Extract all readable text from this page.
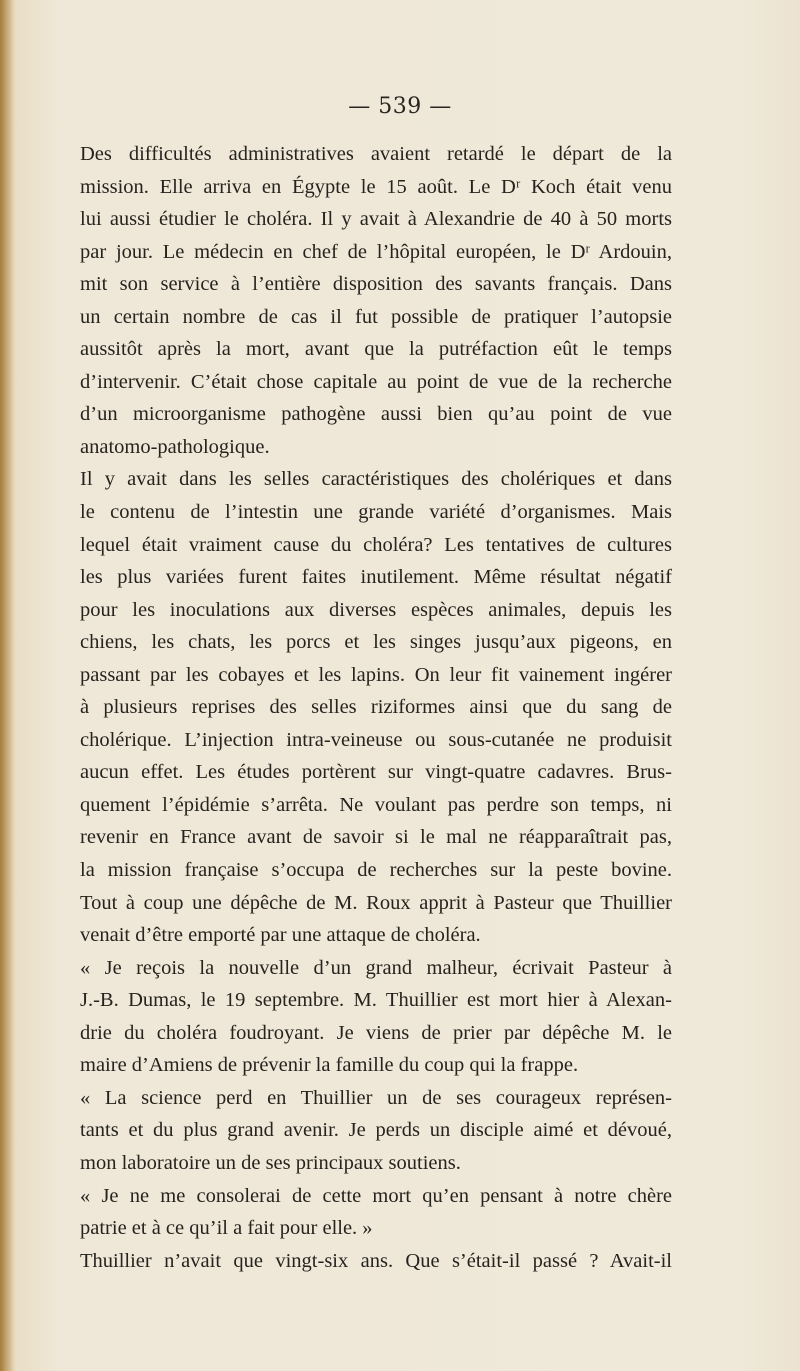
— 539 —
Des difficultés administratives avaient retardé le départ de la
mission. Elle arriva en Égypte le 15 août. Le Dʳ Koch était venu
lui aussi étudier le choléra. Il y avait à Alexandrie de 40 à 50 morts
par jour. Le médecin en chef de l’hôpital européen, le Dʳ Ardouin,
mit son service à l’entière disposition des savants français. Dans
un certain nombre de cas il fut possible de pratiquer l’autopsie
aussitôt après la mort, avant que la putréfaction eût le temps
d’intervenir. C’était chose capitale au point de vue de la recherche
d’un microorganisme pathogène aussi bien qu’au point de vue
anatomo-pathologique.
Il y avait dans les selles caractéristiques des cholériques et dans
le contenu de l’intestin une grande variété d’organismes. Mais
lequel était vraiment cause du choléra? Les tentatives de cultures
les plus variées furent faites inutilement. Même résultat négatif
pour les inoculations aux diverses espèces animales, depuis les
chiens, les chats, les porcs et les singes jusqu’aux pigeons, en
passant par les cobayes et les lapins. On leur fit vainement ingérer
à plusieurs reprises des selles riziformes ainsi que du sang de
cholérique. L’injection intra-veineuse ou sous-cutanée ne produisit
aucun effet. Les études portèrent sur vingt-quatre cadavres. Brus-
quement l’épidémie s’arrêta. Ne voulant pas perdre son temps, ni
revenir en France avant de savoir si le mal ne réapparaîtrait pas,
la mission française s’occupa de recherches sur la peste bovine.
Tout à coup une dépêche de M. Roux apprit à Pasteur que Thuillier
venait d’être emporté par une attaque de choléra.
« Je reçois la nouvelle d’un grand malheur, écrivait Pasteur à
J.-B. Dumas, le 19 septembre. M. Thuillier est mort hier à Alexan-
drie du choléra foudroyant. Je viens de prier par dépêche M. le
maire d’Amiens de prévenir la famille du coup qui la frappe.
« La science perd en Thuillier un de ses courageux représen-
tants et du plus grand avenir. Je perds un disciple aimé et dévoué,
mon laboratoire un de ses principaux soutiens.
« Je ne me consolerai de cette mort qu’en pensant à notre chère
patrie et à ce qu’il a fait pour elle. »
Thuillier n’avait que vingt-six ans. Que s’était-il passé ? Avait-il
